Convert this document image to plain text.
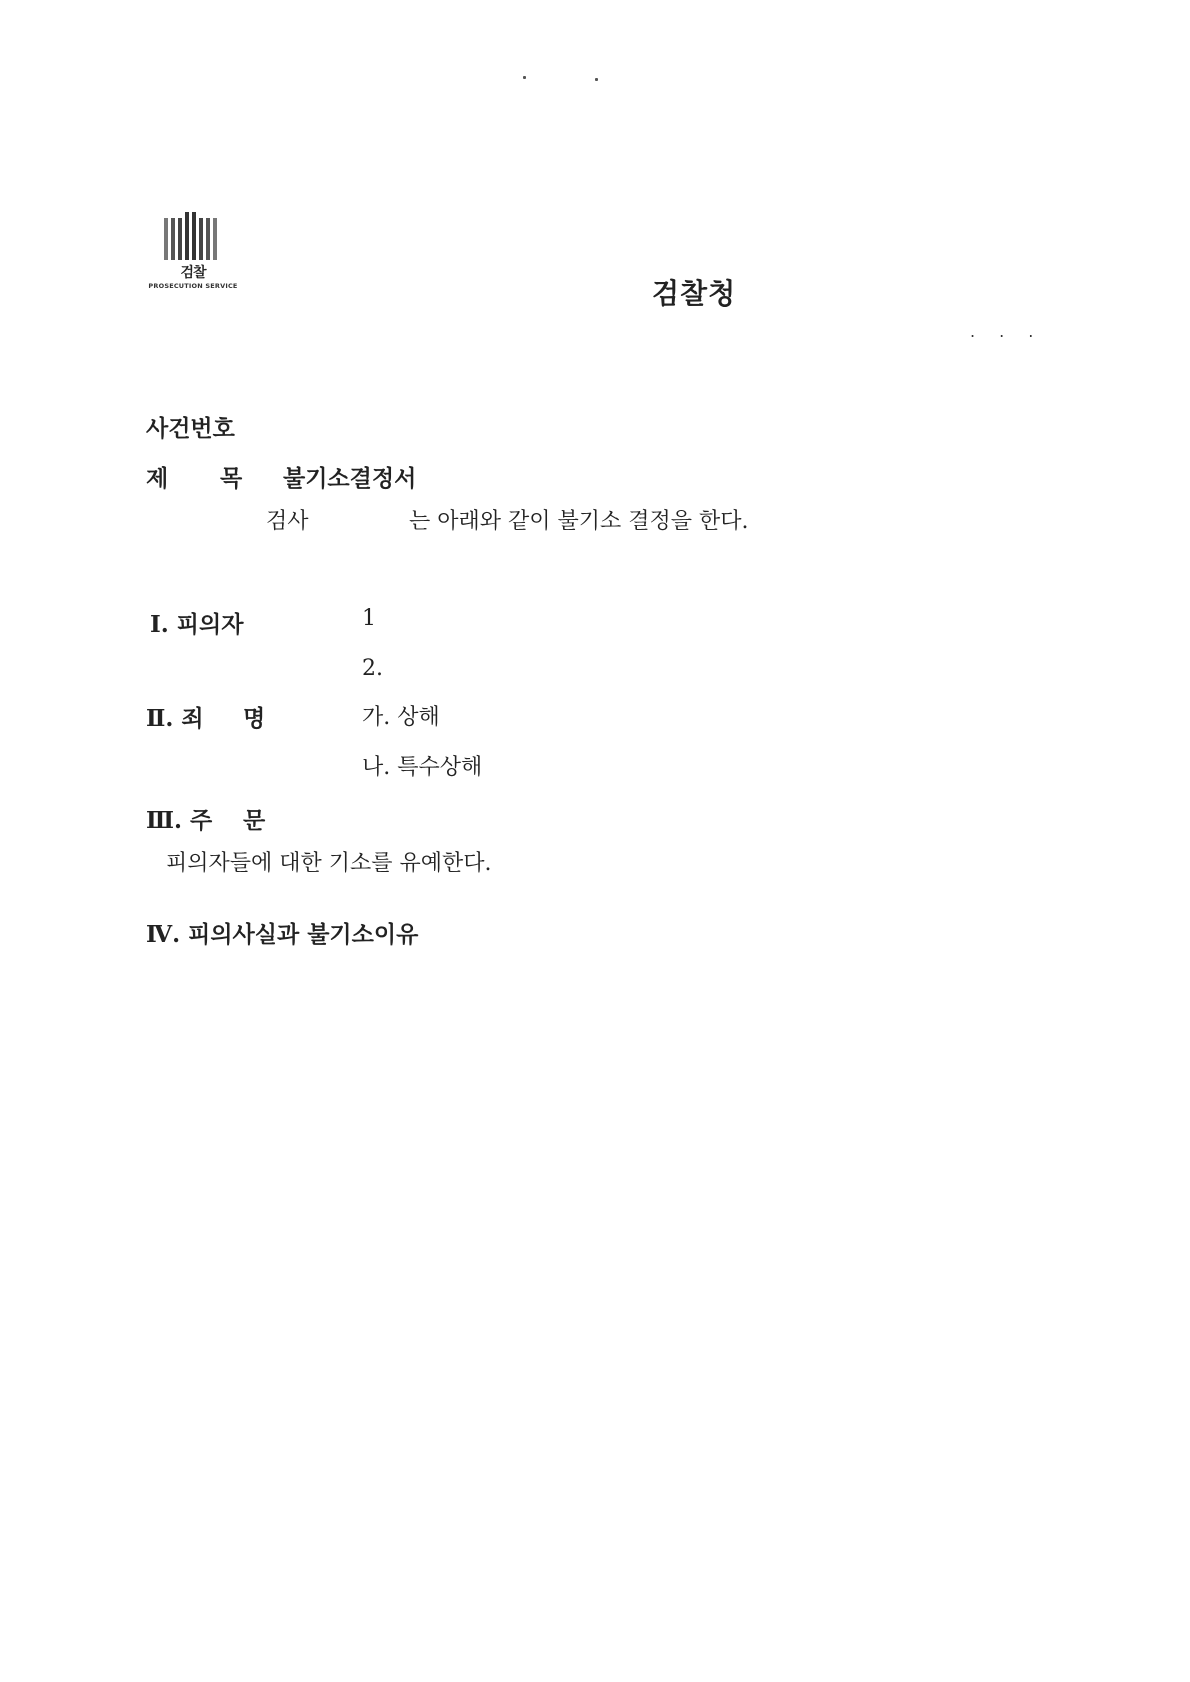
검찰
PROSECUTION SERVICE	검찰청
. . .
사건번호
제 목 불기소결정서
검사	는 아래와 같이 불기소 결정을 한다.
Ⅰ. 피의자	1
2.
Ⅱ. 죄 명	가. 상해
나. 특수상해
Ⅲ. 주 문
피의자들에 대한 기소를 유예한다.
Ⅳ. 피의사실과 불기소이유
